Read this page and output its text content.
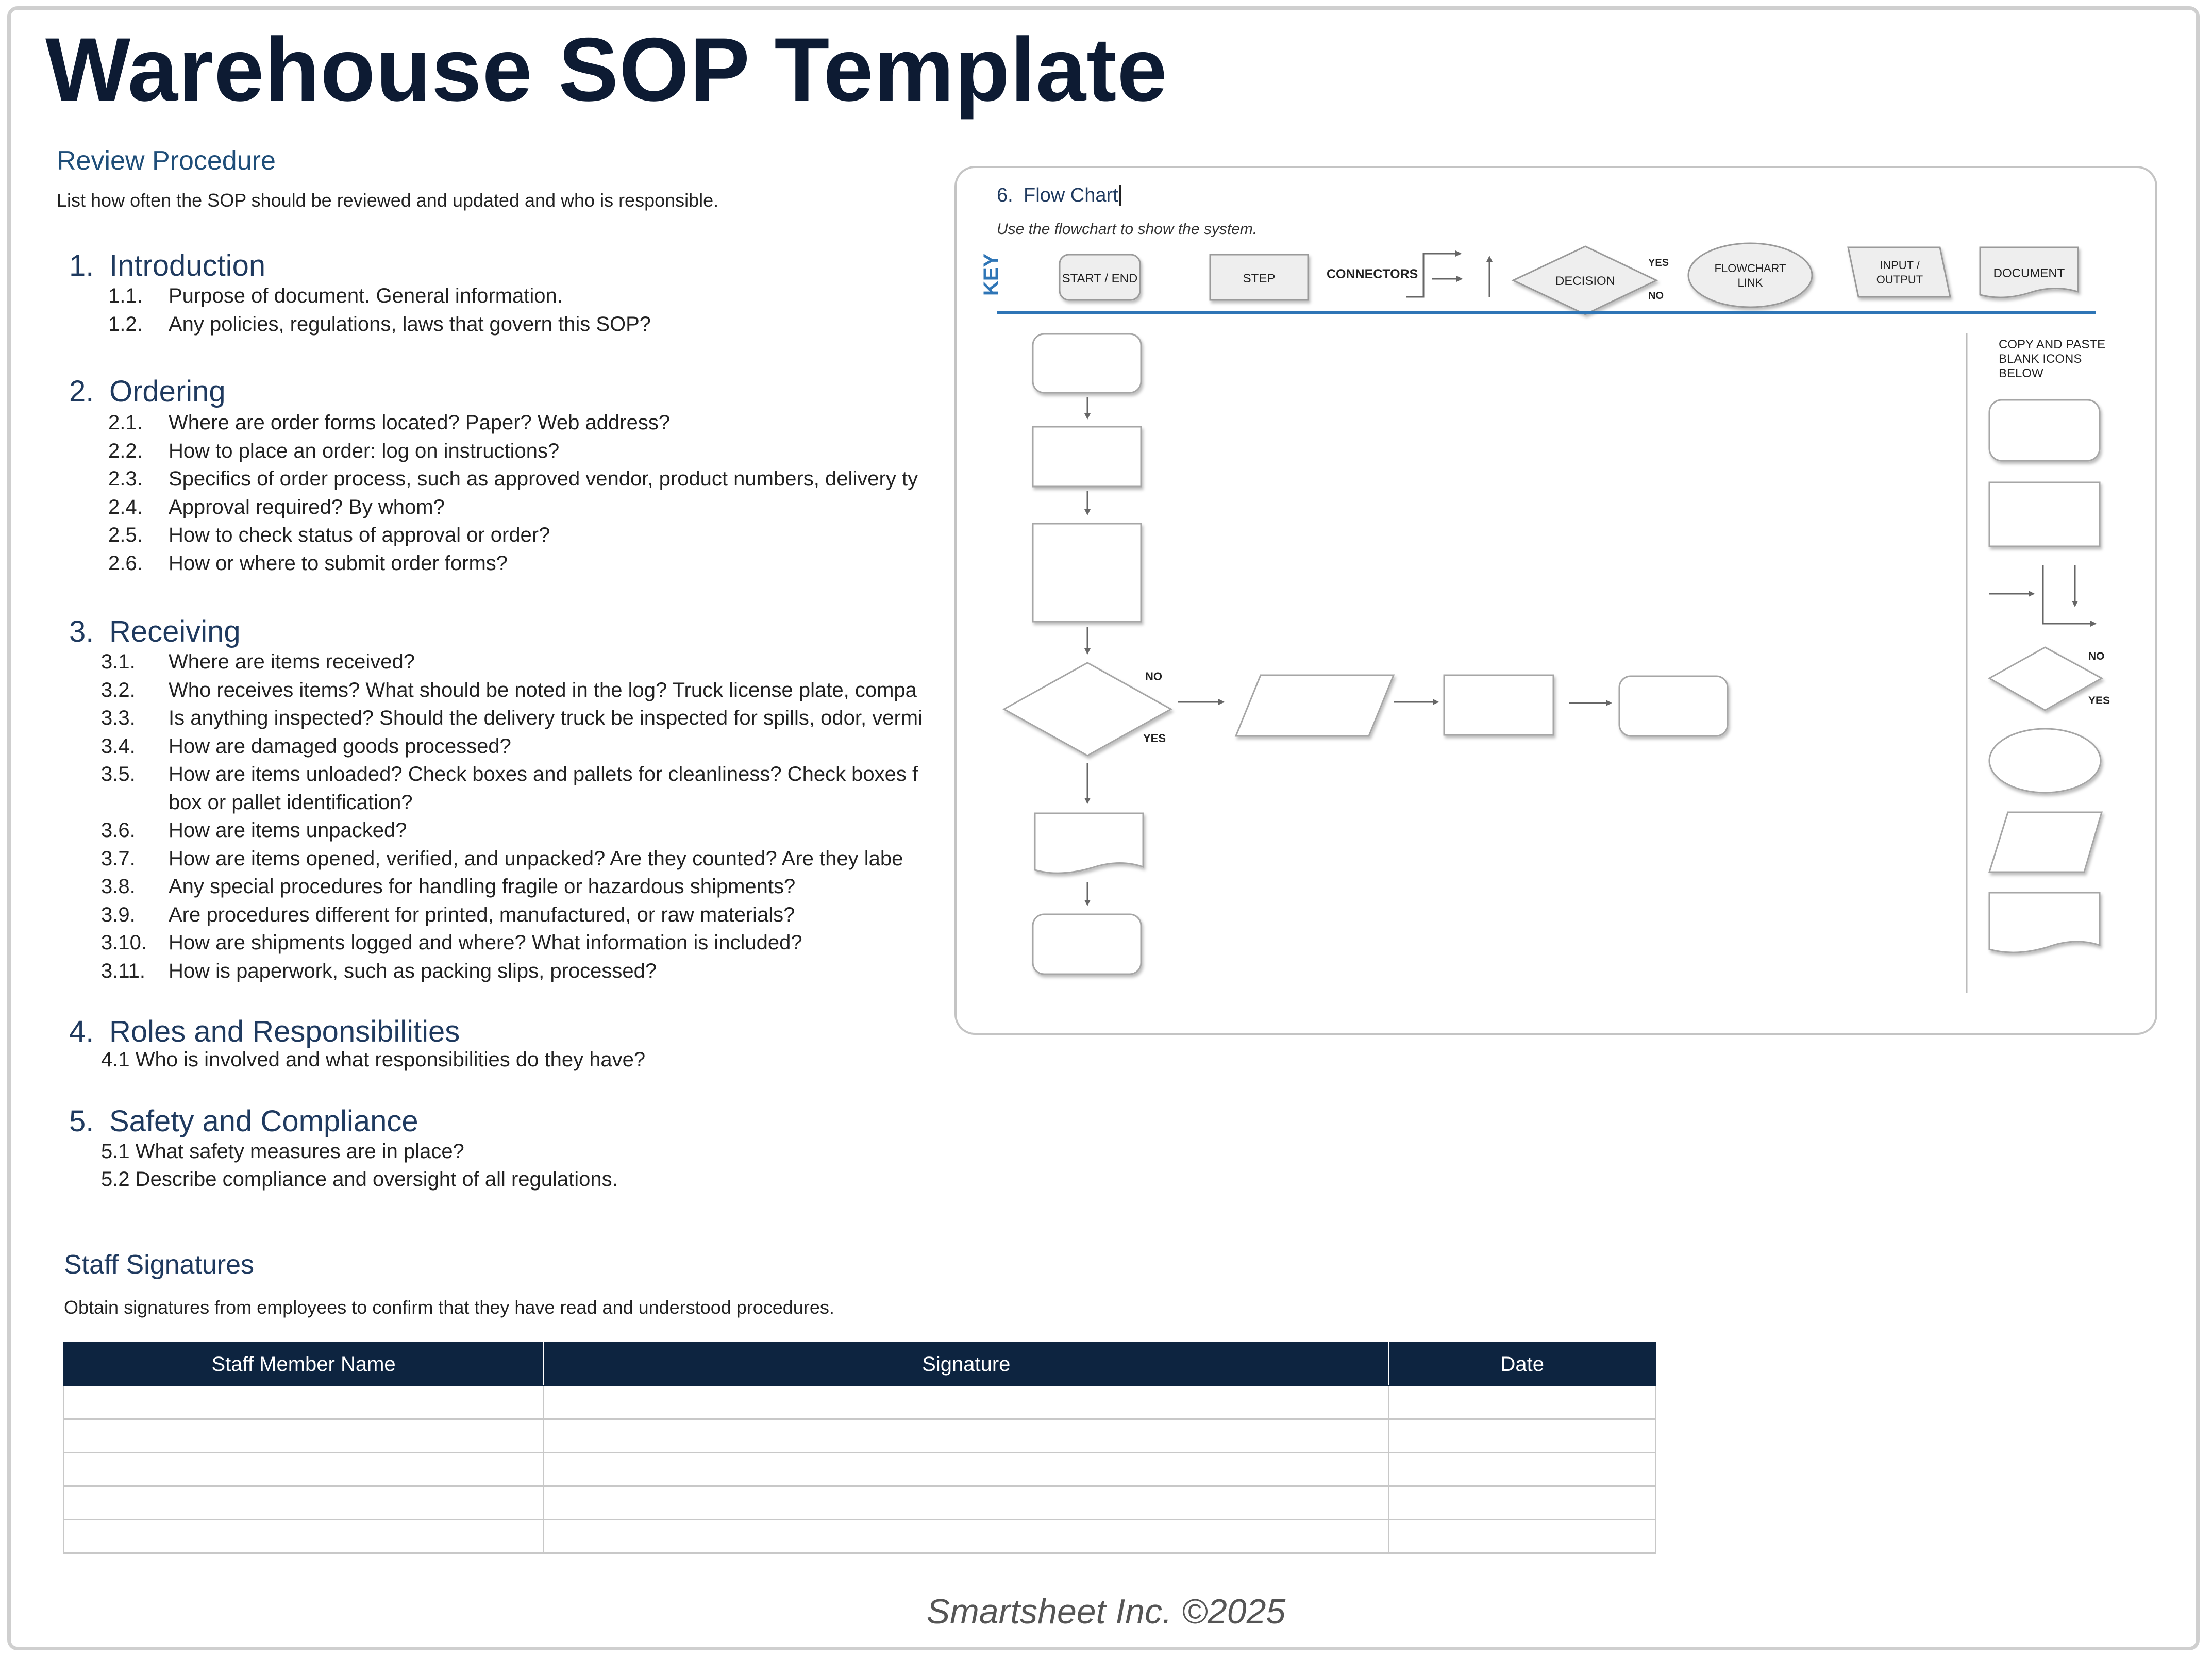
Warehouse SOP Template
Review Procedure
List how often the SOP should be reviewed and updated and who is responsible.
1. Introduction
1.1. Purpose of document. General information.
1.2. Any policies, regulations, laws that govern this SOP?
2. Ordering
2.1. Where are order forms located? Paper? Web address?
2.2. How to place an order: log on instructions?
2.3. Specifics of order process, such as approved vendor, product numbers, delivery ty
2.4. Approval required? By whom?
2.5. How to check status of approval or order?
2.6. How or where to submit order forms?
3. Receiving
3.1. Where are items received?
3.2. Who receives items? What should be noted in the log? Truck license plate, compa
3.3. Is anything inspected? Should the delivery truck be inspected for spills, odor, vermi
3.4. How are damaged goods processed?
3.5. How are items unloaded? Check boxes and pallets for cleanliness? Check boxes f
box or pallet identification?
3.6. How are items unpacked?
3.7. How are items opened, verified, and unpacked? Are they counted? Are they labe
3.8. Any special procedures for handling fragile or hazardous shipments?
3.9. Are procedures different for printed, manufactured, or raw materials?
3.10. How are shipments logged and where? What information is included?
3.11. How is paperwork, such as packing slips, processed?
4. Roles and Responsibilities
4.1 Who is involved and what responsibilities do they have?
5. Safety and Compliance
5.1 What safety measures are in place?
5.2 Describe compliance and oversight of all regulations.
6. Flow Chart
Use the flowchart to show the system.
KEY	START / END	STEP	CONNECTORS	DECISION
YES
NO
FLOWCHART
LINK
INPUT /
OUTPUT	DOCUMENT
NO
YES
COPY AND PASTE
BLANK ICONS
BELOW
NO
YES
Staff Signatures
Obtain signatures from employees to confirm that they have read and understood procedures.
Staff Member Name	Signature	Date

Smartsheet Inc. ©2025
